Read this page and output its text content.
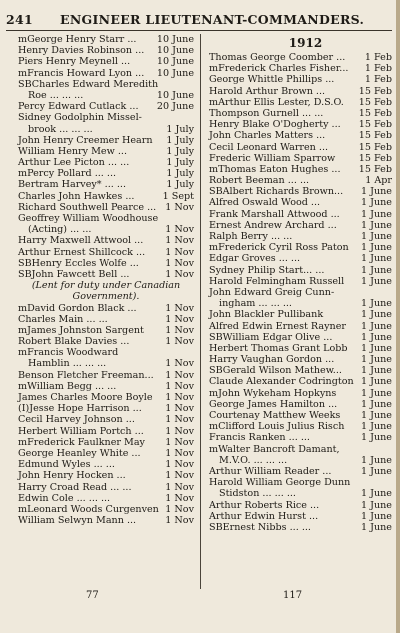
241	ENGINEER LIEUTENANT-COMMANDERS.
mGeorge Henry Starr ...	10 June
Henry Davies Robinson ...	10 June
Piers Henry Meynell ...	10 June
mFrancis Howard Lyon ...	10 June
SBCharles Edward Meredith
Roe ... ... ...	10 June
Percy Edward Cutlack ...	20 June
Sidney Godolphin Missel-
brook ... ... ...	1 July
John Henry Creemer Hearn	1 July
William Henry Mew ...	1 July
Arthur Lee Picton ... ...	1 July
mPercy Pollard ... ...	1 July
Bertram Harvey* ... ...	1 July
Charles John Hawkes ...	1 Sept
Richard Southwell Pearce ... 1 Nov
Geoffrey William Woodhouse
(Acting) ... ...	1 Nov
Harry Maxwell Attwool ...	1 Nov
Arthur Ernest Shillcock ...	1 Nov
SBHenry Eccles Wolfe ...	1 Nov
SBJohn Fawcett Bell ...	1 Nov
(Lent for duty under Canadian
Government).
mDavid Gordon Black ...	1 Nov
Charles Main ... ...	1 Nov
mJames Johnston Sargent	1 Nov
Robert Blake Davies ...	1 Nov
mFrancis Woodward
Hamblin ... ... ...	1 Nov
Benson Fletcher Freeman...	1 Nov
mWilliam Begg ... ...	1 Nov
James Charles Moore Boyle	1 Nov
(I)Jesse Hope Harrison ...	1 Nov
Cecil Harvey Johnson ...	1 Nov
Herbert William Portch ...	1 Nov
mFrederick Faulkner May	1 Nov
George Heanley White ...	1 Nov
Edmund Wyles ... ...	1 Nov
John Henry Hocken ...	1 Nov
Harry Croad Read ... ...	1 Nov
Edwin Cole ... ... ...	1 Nov
mLeonard Woods Curgenven 1 Nov
William Selwyn Mann ...	1 Nov
1912
Thomas George Coomber ...	1 Feb
mFrederick Charles Fisher...	1 Feb
George Whittle Phillips ...	1 Feb
Harold Arthur Brown ...	15 Feb
mArthur Ellis Lester, D.S.O.	15 Feb
Thompson Gurnell ... ...	15 Feb
Henry Blake O'Dogherty ...	15 Feb
John Charles Matters ...	15 Feb
Cecil Leonard Warren ...	15 Feb
Frederic William Sparrow	15 Feb
mThomas Eaton Hughes ...	15 Feb
Robert Beeman ... ...	1 Apr
SBAlbert Richards Brown...	1 June
Alfred Oswald Wood ...	1 June
Frank Marshall Attwood ...	1 June
Ernest Andrew Archard ...	1 June
Ralph Berry ... ...	1 June
mFrederick Cyril Ross Paton	1 June
Edgar Groves ... ...	1 June
Sydney Philip Start... ...	1 June
Harold Felmingham Russell	1 June
John Edward Greig Cunn-
ingham ... ... ...	1 June
John Blackler Pullibank	1 June
Alfred Edwin Ernest Rayner	1 June
SBWilliam Edgar Olive ...	1 June
Herbert Thomas Grant Lobb	1 June
Harry Vaughan Gordon ...	1 June
SBGerald Wilson Mathew...	1 June
Claude Alexander Codrington 1 June
mJohn Wykeham Hopkyns	1 June
George James Hamilton ...	1 June
Courtenay Matthew Weeks	1 June
mClifford Louis Julius Risch	1 June
Francis Ranken ... ...	1 June
mWalter Bancroft Damant,
M.V.O. ... ... ...	1 June
Arthur William Reader ...	1 June
Harold William George Dunn
Stidston ... ... ...	1 June
Arthur Roberts Rice ...	1 June
Arthur Edwin Hurst ...	1 June
SBErnest Nibbs ... ...	1 June
77	117
